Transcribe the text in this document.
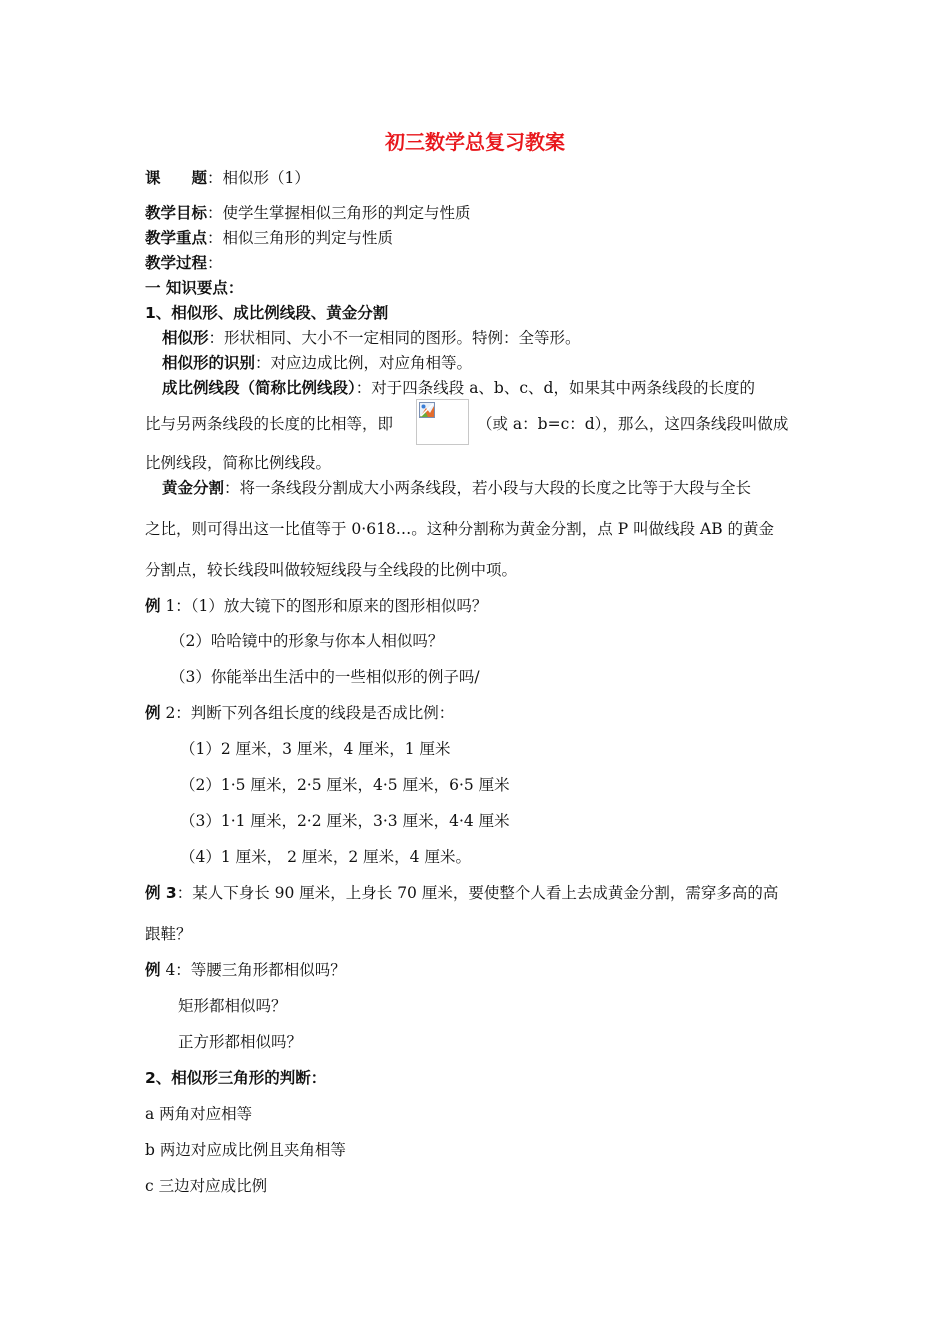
初三数学总复习教案
课　　题：相似形（1）
教学目标：使学生掌握相似三角形的判定与性质
教学重点：相似三角形的判定与性质
教学过程：
一 知识要点：
1、相似形、成比例线段、黄金分割
相似形：形状相同、大小不一定相同的图形。特例：全等形。
相似形的识别：对应边成比例，对应角相等。
成比例线段（简称比例线段）：对于四条线段 a、b、c、d，如果其中两条线段的长度的
比与另两条线段的长度的比相等，即	（或 a：b=c：d），那么，这四条线段叫做成
比例线段，简称比例线段。
黄金分割：将一条线段分割成大小两条线段，若小段与大段的长度之比等于大段与全长
之比，则可得出这一比值等于 0·618…。这种分割称为黄金分割，点 P 叫做线段 AB 的黄金
分割点，较长线段叫做较短线段与全线段的比例中项。
例 1：（1）放大镜下的图形和原来的图形相似吗？
（2）哈哈镜中的形象与你本人相似吗？
（3）你能举出生活中的一些相似形的例子吗/
例 2：判断下列各组长度的线段是否成比例：
（1）2 厘米，3 厘米，4 厘米，1 厘米
（2）1·5 厘米，2·5 厘米，4·5 厘米，6·5 厘米
（3）1·1 厘米，2·2 厘米，3·3 厘米，4·4 厘米
（4）1 厘米， 2 厘米，2 厘米，4 厘米。
例 3：某人下身长 90 厘米，上身长 70 厘米，要使整个人看上去成黄金分割，需穿多高的高
跟鞋？
例 4：等腰三角形都相似吗？
矩形都相似吗？
正方形都相似吗？
2、相似形三角形的判断：
a 两角对应相等
b 两边对应成比例且夹角相等
c 三边对应成比例
